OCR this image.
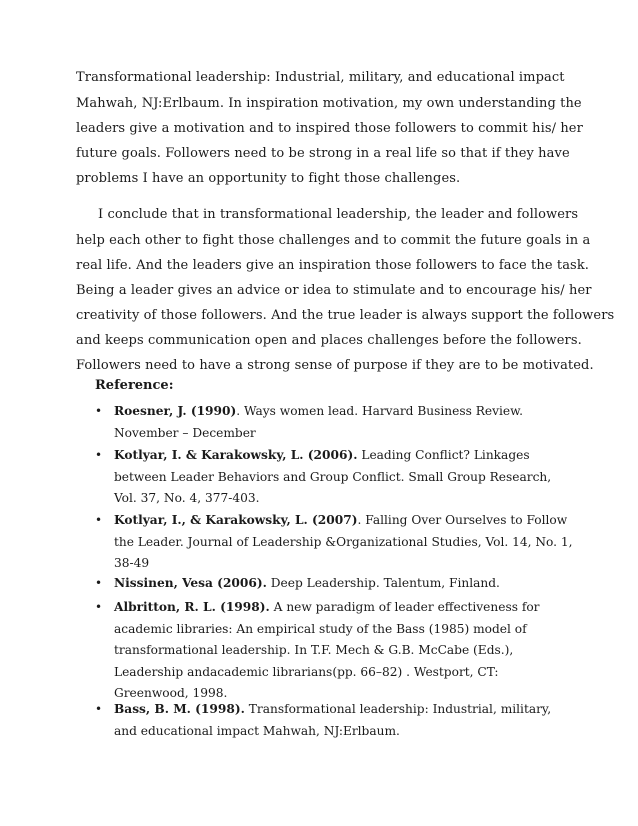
Transformational leadership: Industrial, military, and educational impact
Mahwah, NJ:Erlbaum. In inspiration motivation, my own understanding the
leaders give a motivation and to inspired those followers to commit his/ her
future goals. Followers need to be strong in a real life so that if they have
problems I have an opportunity to fight those challenges.
I conclude that in transformational leadership, the leader and followers
help each other to fight those challenges and to commit the future goals in a
real life. And the leaders give an inspiration those followers to face the task.
Being a leader gives an advice or idea to stimulate and to encourage his/ her
creativity of those followers. And the true leader is always support the followers
and keeps communication open and places challenges before the followers.
Followers need to have a strong sense of purpose if they are to be motivated.
Reference:
• Roesner, J. (1990). Ways women lead. Harvard Business Review. November – December
• Kotlyar, I. & Karakowsky, L. (2006). Leading Conflict? Linkages between Leader Behaviors and Group Conflict. Small Group Research, Vol. 37, No. 4, 377-403.
• Kotlyar, I., & Karakowsky, L. (2007). Falling Over Ourselves to Follow the Leader. Journal of Leadership &Organizational Studies, Vol. 14, No. 1, 38-49
• Nissinen, Vesa (2006). Deep Leadership. Talentum, Finland.
• Albritton, R. L. (1998). A new paradigm of leader effectiveness for academic libraries: An empirical study of the Bass (1985) model of transformational leadership. In T.F. Mech & G.B. McCabe (Eds.), Leadership andacademic librarians(pp. 66–82) . Westport, CT: Greenwood, 1998.
• Bass, B. M. (1998). Transformational leadership: Industrial, military, and educational impact Mahwah, NJ:Erlbaum.
